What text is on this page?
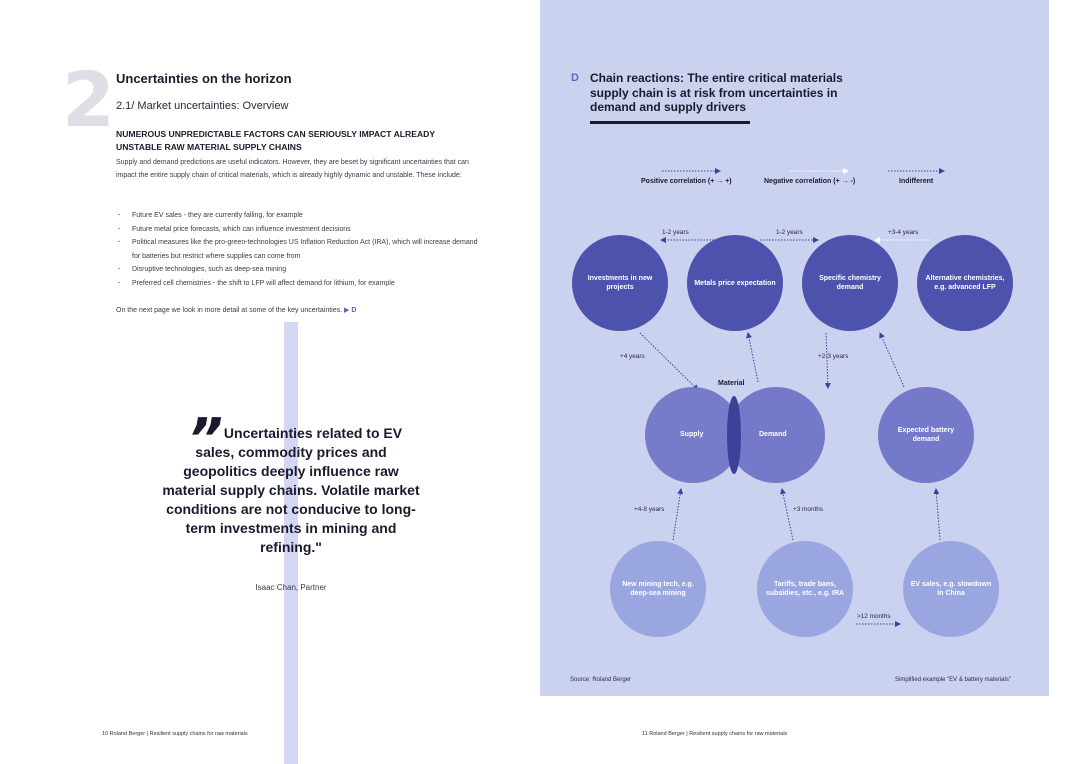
2 Uncertainties on the horizon
2.1/ Market uncertainties: Overview
NUMEROUS UNPREDICTABLE FACTORS CAN SERIOUSLY IMPACT ALREADY UNSTABLE RAW MATERIAL SUPPLY CHAINS
Supply and demand predictions are useful indicators. However, they are beset by significant uncertainties that can impact the entire supply chain of critical materials, which is already highly dynamic and unstable. These include:
· Future EV sales - they are currently falling, for example
· Future metal price forecasts, which can influence investment decisions
· Political measures like the pro-green-technologies US Inflation Reduction Act (IRA), which will increase demand for batteries but restrict where supplies can come from
· Disruptive technologies, such as deep-sea mining
· Preferred cell chemistries - the shift to LFP will affect demand for lithium, for example
On the next page we look in more detail at some of the key uncertainties. ▶ D
” Uncertainties related to EV sales, commodity prices and geopolitics deeply influence raw material supply chains. Volatile market conditions are not conducive to long-term investments in mining and refining."
Isaac Chan, Partner
10 Roland Berger | Resilient supply chains for raw materials
D Chain reactions: The entire critical materials supply chain is at risk from uncertainties in demand and supply drivers
Positive correlation (+ → +)	Negative correlation (+ → -)	Indifferent
Investments in new projects
Metals price expectation
Specific chemistry demand
Alternative chemistries, e.g. advanced LFP
Material
Supply	Demand
Expected battery demand
New mining tech, e.g. deep-sea mining
Tariffs, trade bans, subsidies, etc., e.g. IRA
EV sales, e.g. slowdown in China
1-2 years	1-2 years	+3-4 years
+4 years	+2-3 years
+4-8 years	+3 months
>12 months
Source: Roland Berger	Simplified example "EV & battery materials"
11 Roland Berger | Resilient supply chains for raw materials
